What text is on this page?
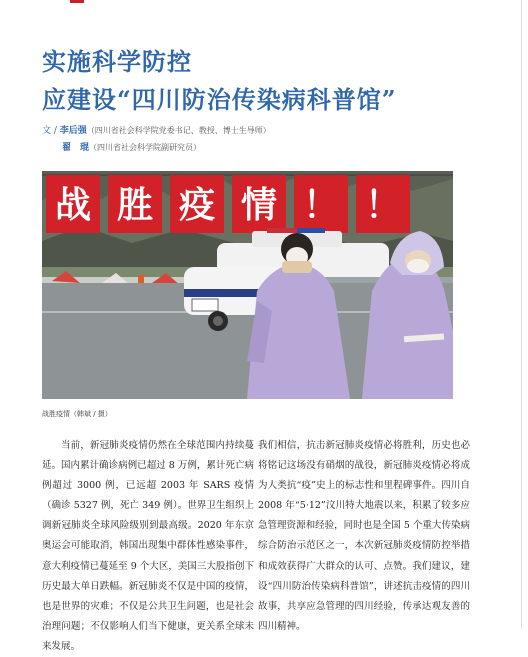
实施科学防控
应建设“四川防治传染病科普馆”
文 / 李后强（四川省社会科学院党委书记、教授、博士生导师）
翟　琨（四川省社会科学院副研究员）
战 胜 疫 情 ！ ！
战胜疫情（韩斌 / 摄）

当前，新冠肺炎疫情仍然在全球范围内持续蔓延。国内累计确诊病例已超过 8 万例，累计死亡病例超过 3000 例，已远超 2003 年 SARS 疫情（确诊 5327 例，死亡 349 例）。世界卫生组织上调新冠肺炎全球风险级别到最高级。2020 年东京奥运会可能取消，韩国出现集中群体性感染事件，意大利疫情已蔓延至 9 个大区，美国三大股指创下历史最大单日跌幅。新冠肺炎不仅是中国的疫情，也是世界的灾难；不仅是公共卫生问题，也是社会治理问题；不仅影响人们当下健康，更关系全球未来发展。

我们相信，抗击新冠肺炎疫情必将胜利，历史也必将铭记这场没有硝烟的战役，新冠肺炎疫情必将成为人类抗“疫”史上的标志性和里程碑事件。四川自 2008 年“5·12”汶川特大地震以来，积累了较多应急管理资源和经验，同时也是全国 5 个重大传染病综合防治示范区之一，本次新冠肺炎疫情防控举措和成效获得广大群众的认可、点赞。我们建议，建设“四川防治传染病科普馆”，讲述抗击疫情的四川故事，共享应急管理的四川经验，传承达观友善的四川精神。
